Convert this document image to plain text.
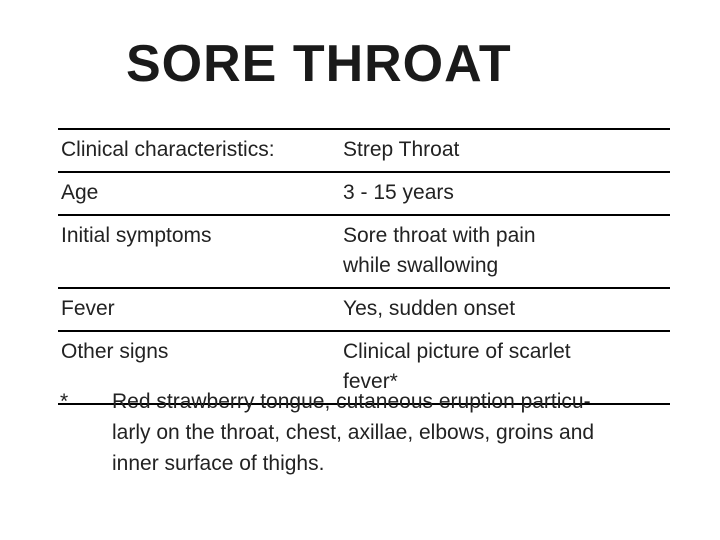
SORE THROAT
Clinical characteristics:	Strep Throat
Age	3 - 15 years
Initial symptoms	Sore throat with pain
while swallowing
Fever	Yes, sudden onset
Other signs	Clinical picture of scarlet
fever*
*	Red strawberry tongue, cutaneous eruption particu-
larly on the throat, chest, axillae, elbows, groins and
inner surface of thighs.
